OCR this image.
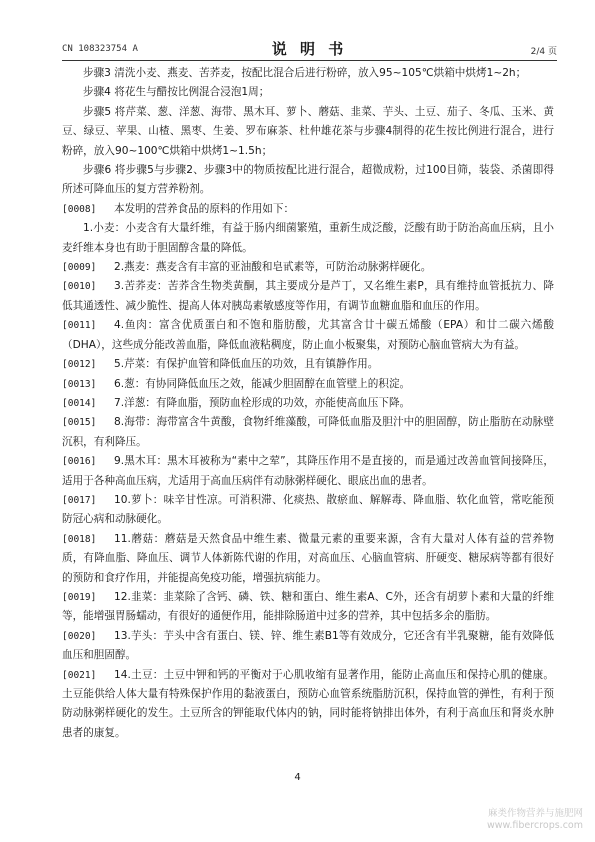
CN 108323754 A	说 明 书	2/4 页

步骤3 清洗小麦、燕麦、苦荞麦，按配比混合后进行粉碎，放入95~105℃烘箱中烘烤1~2h；

步骤4 将花生与醋按比例混合浸泡1周；

步骤5 将芹菜、葱、洋葱、海带、黑木耳、萝卜、蘑菇、韭菜、芋头、土豆、茄子、冬瓜、玉米、黄豆、绿豆、苹果、山楂、黑枣、生姜、罗布麻茶、杜仲雄花茶与步骤4制得的花生按比例进行混合，进行粉碎，放入90~100℃烘箱中烘烤1~1.5h；

步骤6 将步骤5与步骤2、步骤3中的物质按配比进行混合，超微成粉，过100目筛，装袋、杀菌即得所述可降血压的复方营养粉剂。

[0008] 本发明的营养食品的原料的作用如下：

1.小麦：小麦含有大量纤维，有益于肠内细菌繁殖，重新生成泛酸，泛酸有助于防治高血压病，且小麦纤维本身也有助于胆固醇含量的降低。

[0009] 2.燕麦：燕麦含有丰富的亚油酸和皂甙素等，可防治动脉粥样硬化。

[0010] 3.苦荞麦：苦荞含生物类黄酮，其主要成分是芦丁，又名维生素P，具有维持血管抵抗力、降低其通透性、减少脆性、提高人体对胰岛素敏感度等作用，有调节血糖血脂和血压的作用。

[0011] 4.鱼肉：富含优质蛋白和不饱和脂肪酸，尤其富含廿十碳五烯酸（EPA）和廿二碳六烯酸（DHA），这些成分能改善血脂，降低血液粘稠度，防止血小板聚集，对预防心脑血管病大为有益。

[0012] 5.芹菜：有保护血管和降低血压的功效，且有镇静作用。

[0013] 6.葱：有协同降低血压之效，能减少胆固醇在血管壁上的积淀。

[0014] 7.洋葱：有降血脂，预防血栓形成的功效，亦能使高血压下降。

[0015] 8.海带：海带富含牛黄酸，食物纤维藻酸，可降低血脂及胆汁中的胆固醇，防止脂肪在动脉壁沉积，有利降压。

[0016] 9.黑木耳：黑木耳被称为“素中之荤”，其降压作用不是直接的，而是通过改善血管间接降压，适用于各种高血压病，尤适用于高血压病伴有动脉粥样硬化、眼底出血的患者。

[0017] 10.萝卜：味辛甘性凉。可消积滞、化痰热、散瘀血、解解毒、降血脂、软化血管，常吃能预防冠心病和动脉硬化。

[0018] 11.蘑菇：蘑菇是天然食品中维生素、微量元素的重要来源，含有大量对人体有益的营养物质，有降血脂、降血压、调节人体新陈代谢的作用，对高血压、心脑血管病、肝硬变、糖尿病等都有很好的预防和食疗作用，并能提高免疫功能，增强抗病能力。

[0019] 12.韭菜：韭菜除了含钙、磷、铁、糖和蛋白、维生素A、C外，还含有胡萝卜素和大量的纤维等，能增强胃肠蠕动，有很好的通便作用，能排除肠道中过多的营养，其中包括多余的脂肪。

[0020] 13.芋头：芋头中含有蛋白、镁、锌、维生素B1等有效成分，它还含有半乳聚糖，能有效降低血压和胆固醇。

[0021] 14.土豆：土豆中钾和钙的平衡对于心肌收缩有显著作用，能防止高血压和保持心肌的健康。土豆能供给人体大量有特殊保护作用的黏液蛋白，预防心血管系统脂肪沉积，保持血管的弹性，有利于预防动脉粥样硬化的发生。土豆所含的钾能取代体内的钠，同时能将钠排出体外，有利于高血压和肾炎水肿患者的康复。

4
麻类作物营养与施肥网
www.fibercrops.com
